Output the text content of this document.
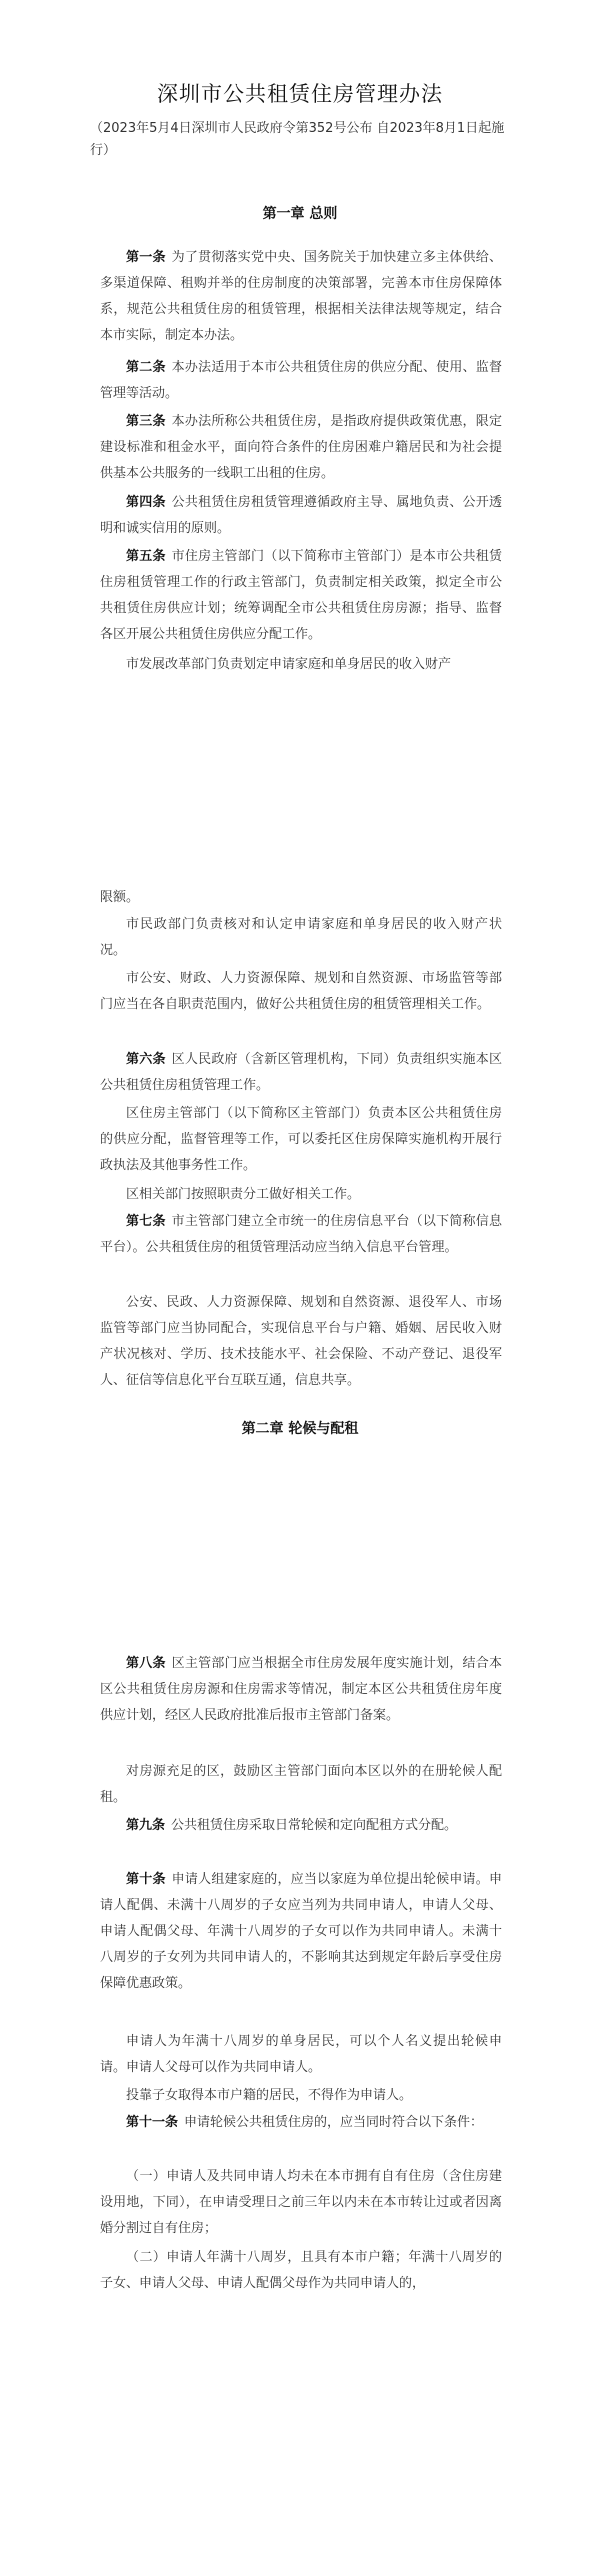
深圳市公共租赁住房管理办法
（2023年5月4日深圳市人民政府令第352号公布 自2023年8月1日起施行）
第一章 总则
第一条 为了贯彻落实党中央、国务院关于加快建立多主体供给、多渠道保障、租购并举的住房制度的决策部署，完善本市住房保障体系，规范公共租赁住房的租赁管理，根据相关法律法规等规定，结合本市实际，制定本办法。
第二条 本办法适用于本市公共租赁住房的供应分配、使用、监督管理等活动。
第三条 本办法所称公共租赁住房，是指政府提供政策优惠，限定建设标准和租金水平，面向符合条件的住房困难户籍居民和为社会提供基本公共服务的一线职工出租的住房。
第四条 公共租赁住房租赁管理遵循政府主导、属地负责、公开透明和诚实信用的原则。
第五条 市住房主管部门（以下简称市主管部门）是本市公共租赁住房租赁管理工作的行政主管部门，负责制定相关政策，拟定全市公共租赁住房供应计划；统筹调配全市公共租赁住房房源；指导、监督各区开展公共租赁住房供应分配工作。
市发展改革部门负责划定申请家庭和单身居民的收入财产
限额。
市民政部门负责核对和认定申请家庭和单身居民的收入财产状况。
市公安、财政、人力资源保障、规划和自然资源、市场监管等部门应当在各自职责范围内，做好公共租赁住房的租赁管理相关工作。
第六条 区人民政府（含新区管理机构，下同）负责组织实施本区公共租赁住房租赁管理工作。
区住房主管部门（以下简称区主管部门）负责本区公共租赁住房的供应分配，监督管理等工作，可以委托区住房保障实施机构开展行政执法及其他事务性工作。
区相关部门按照职责分工做好相关工作。
第七条 市主管部门建立全市统一的住房信息平台（以下简称信息平台）。公共租赁住房的租赁管理活动应当纳入信息平台管理。
公安、民政、人力资源保障、规划和自然资源、退役军人、市场监管等部门应当协同配合，实现信息平台与户籍、婚姻、居民收入财产状况核对、学历、技术技能水平、社会保险、不动产登记、退役军人、征信等信息化平台互联互通，信息共享。
第二章 轮候与配租
第八条 区主管部门应当根据全市住房发展年度实施计划，结合本区公共租赁住房房源和住房需求等情况，制定本区公共租赁住房年度供应计划，经区人民政府批准后报市主管部门备案。
对房源充足的区，鼓励区主管部门面向本区以外的在册轮候人配租。
第九条 公共租赁住房采取日常轮候和定向配租方式分配。
第十条 申请人组建家庭的，应当以家庭为单位提出轮候申请。申请人配偶、未满十八周岁的子女应当列为共同申请人，申请人父母、申请人配偶父母、年满十八周岁的子女可以作为共同申请人。未满十八周岁的子女列为共同申请人的，不影响其达到规定年龄后享受住房保障优惠政策。
申请人为年满十八周岁的单身居民，可以个人名义提出轮候申请。申请人父母可以作为共同申请人。
投靠子女取得本市户籍的居民，不得作为申请人。
第十一条 申请轮候公共租赁住房的，应当同时符合以下条件：
（一）申请人及共同申请人均未在本市拥有自有住房（含住房建设用地，下同），在申请受理日之前三年以内未在本市转让过或者因离婚分割过自有住房；
（二）申请人年满十八周岁，且具有本市户籍；年满十八周岁的子女、申请人父母、申请人配偶父母作为共同申请人的，
